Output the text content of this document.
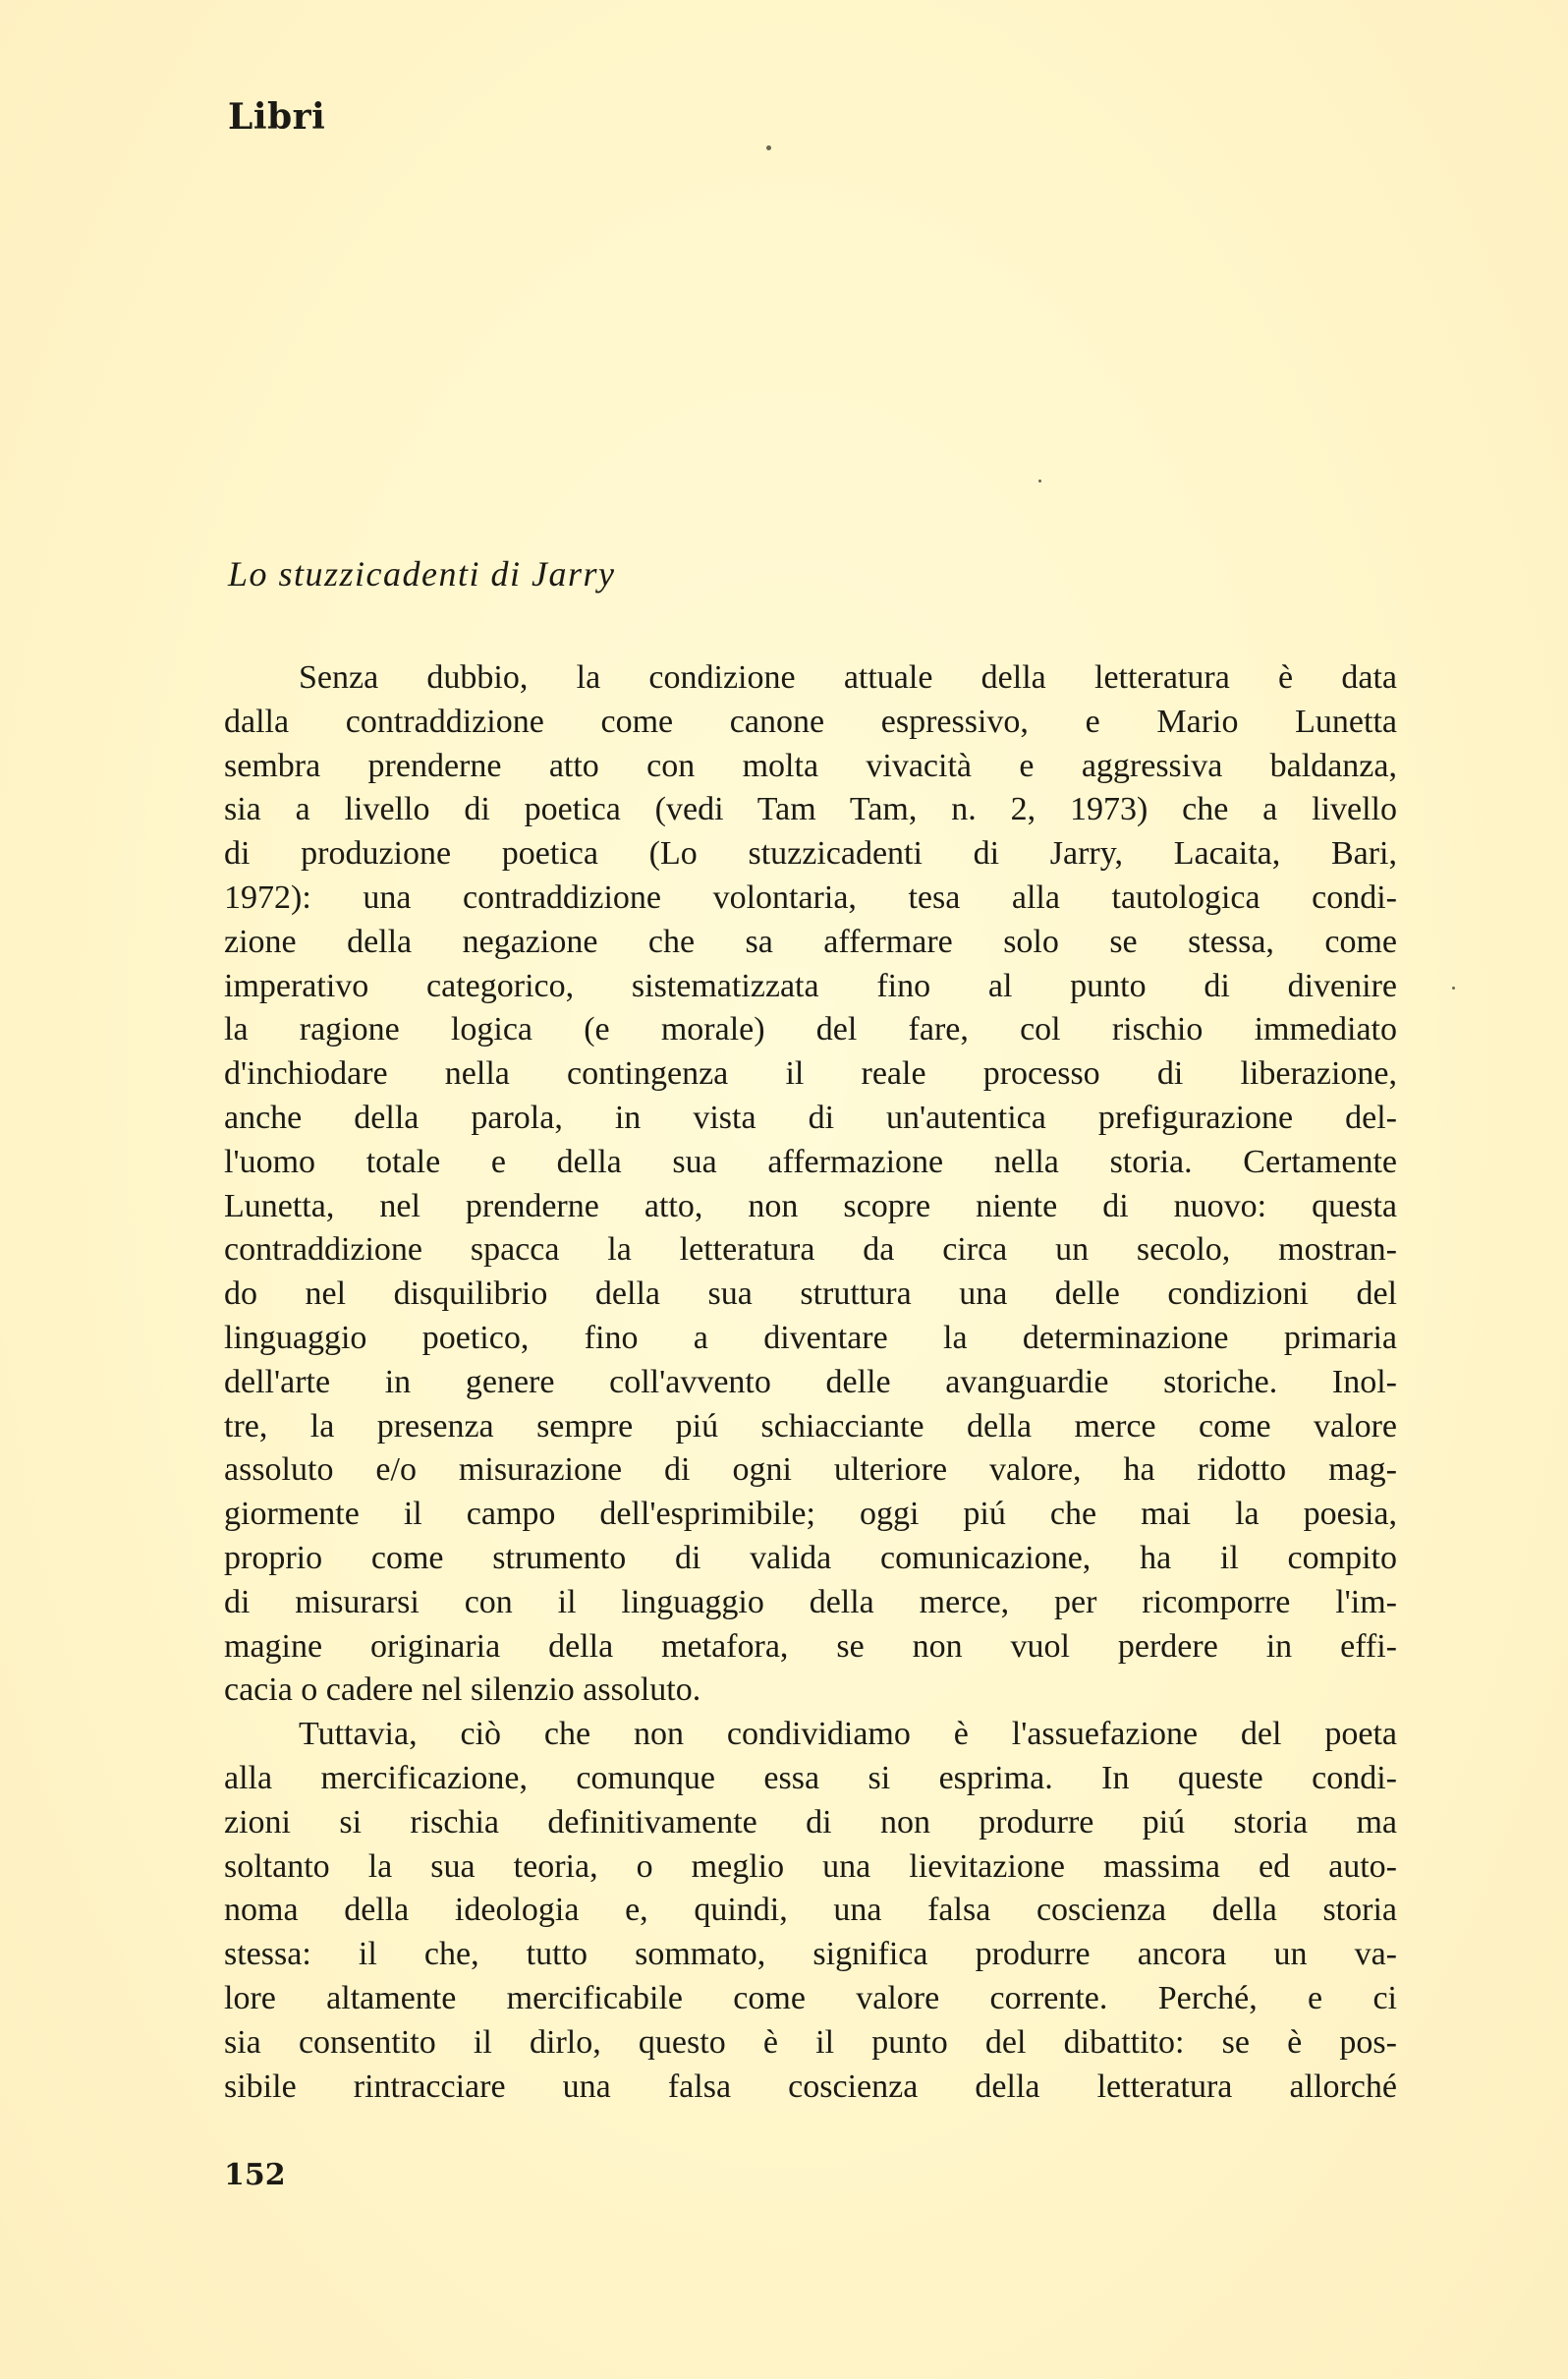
Libri
Lo stuzzicadenti di Jarry
Senza dubbio, la condizione attuale della letteratura è data
dalla contraddizione come canone espressivo, e Mario Lunetta
sembra prenderne atto con molta vivacità e aggressiva baldanza,
sia a livello di poetica (vedi Tam Tam, n. 2, 1973) che a livello
di produzione poetica (Lo stuzzicadenti di Jarry, Lacaita, Bari,
1972): una contraddizione volontaria, tesa alla tautologica condi-
zione della negazione che sa affermare solo se stessa, come
imperativo categorico, sistematizzata fino al punto di divenire
la ragione logica (e morale) del fare, col rischio immediato
d'inchiodare nella contingenza il reale processo di liberazione,
anche della parola, in vista di un'autentica prefigurazione del-
l'uomo totale e della sua affermazione nella storia. Certamente
Lunetta, nel prenderne atto, non scopre niente di nuovo: questa
contraddizione spacca la letteratura da circa un secolo, mostran-
do nel disquilibrio della sua struttura una delle condizioni del
linguaggio poetico, fino a diventare la determinazione primaria
dell'arte in genere coll'avvento delle avanguardie storiche. Inol-
tre, la presenza sempre piú schiacciante della merce come valore
assoluto e/o misurazione di ogni ulteriore valore, ha ridotto mag-
giormente il campo dell'esprimibile; oggi piú che mai la poesia,
proprio come strumento di valida comunicazione, ha il compito
di misurarsi con il linguaggio della merce, per ricomporre l'im-
magine originaria della metafora, se non vuol perdere in effi-
cacia o cadere nel silenzio assoluto.
Tuttavia, ciò che non condividiamo è l'assuefazione del poeta
alla mercificazione, comunque essa si esprima. In queste condi-
zioni si rischia definitivamente di non produrre piú storia ma
soltanto la sua teoria, o meglio una lievitazione massima ed auto-
noma della ideologia e, quindi, una falsa coscienza della storia
stessa: il che, tutto sommato, significa produrre ancora un va-
lore altamente mercificabile come valore corrente. Perché, e ci
sia consentito il dirlo, questo è il punto del dibattito: se è pos-
sibile rintracciare una falsa coscienza della letteratura allorché
152
